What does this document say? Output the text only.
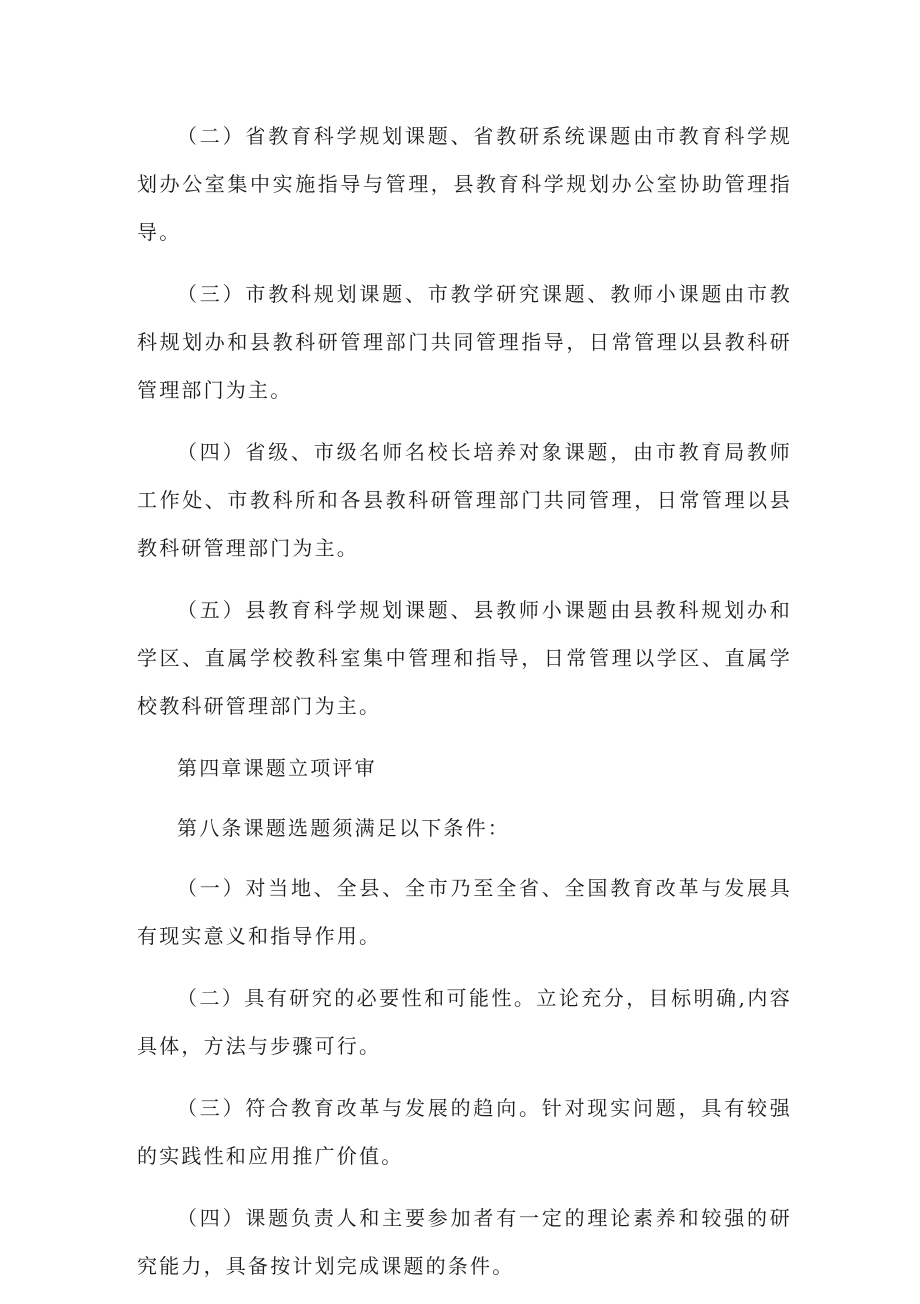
（二）省教育科学规划课题、省教研系统课题由市教育科学规划办公室集中实施指导与管理，县教育科学规划办公室协助管理指导。

（三）市教科规划课题、市教学研究课题、教师小课题由市教科规划办和县教科研管理部门共同管理指导，日常管理以县教科研管理部门为主。

（四）省级、市级名师名校长培养对象课题，由市教育局教师工作处、市教科所和各县教科研管理部门共同管理，日常管理以县教科研管理部门为主。

（五）县教育科学规划课题、县教师小课题由县教科规划办和学区、直属学校教科室集中管理和指导，日常管理以学区、直属学校教科研管理部门为主。

第四章课题立项评审

第八条课题选题须满足以下条件：

（一）对当地、全县、全市乃至全省、全国教育改革与发展具有现实意义和指导作用。

（二）具有研究的必要性和可能性。立论充分，目标明确,内容具体，方法与步骤可行。

（三）符合教育改革与发展的趋向。针对现实问题，具有较强的实践性和应用推广价值。

（四）课题负责人和主要参加者有一定的理论素养和较强的研究能力，具备按计划完成课题的条件。
